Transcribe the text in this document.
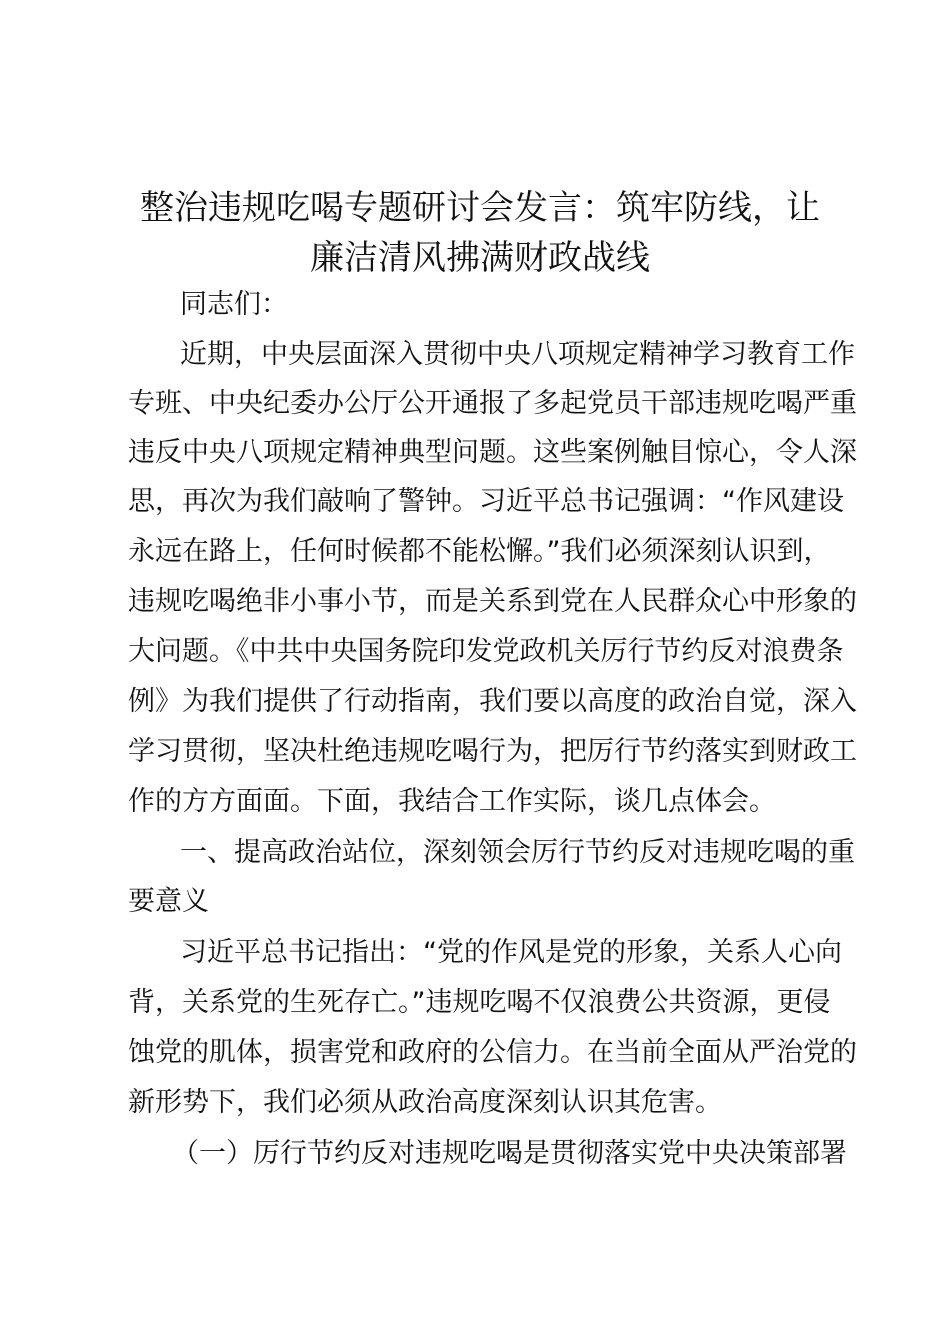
整治违规吃喝专题研讨会发言：筑牢防线，让
廉洁清风拂满财政战线

同志们：

近期，中央层面深入贯彻中央八项规定精神学习教育工作

专班、中央纪委办公厅公开通报了多起党员干部违规吃喝严重

违反中央八项规定精神典型问题。这些案例触目惊心，令人深

思，再次为我们敲响了警钟。习近平总书记强调：“作风建设

永远在路上，任何时候都不能松懈。”我们必须深刻认识到，

违规吃喝绝非小事小节，而是关系到党在人民群众心中形象的

大问题。《中共中央国务院印发党政机关厉行节约反对浪费条

例》为我们提供了行动指南，我们要以高度的政治自觉，深入

学习贯彻，坚决杜绝违规吃喝行为，把厉行节约落实到财政工

作的方方面面。下面，我结合工作实际，谈几点体会。

一、提高政治站位，深刻领会厉行节约反对违规吃喝的重

要意义

习近平总书记指出：“党的作风是党的形象，关系人心向

背，关系党的生死存亡。”违规吃喝不仅浪费公共资源，更侵

蚀党的肌体，损害党和政府的公信力。在当前全面从严治党的

新形势下，我们必须从政治高度深刻认识其危害。

（一）厉行节约反对违规吃喝是贯彻落实党中央决策部署
